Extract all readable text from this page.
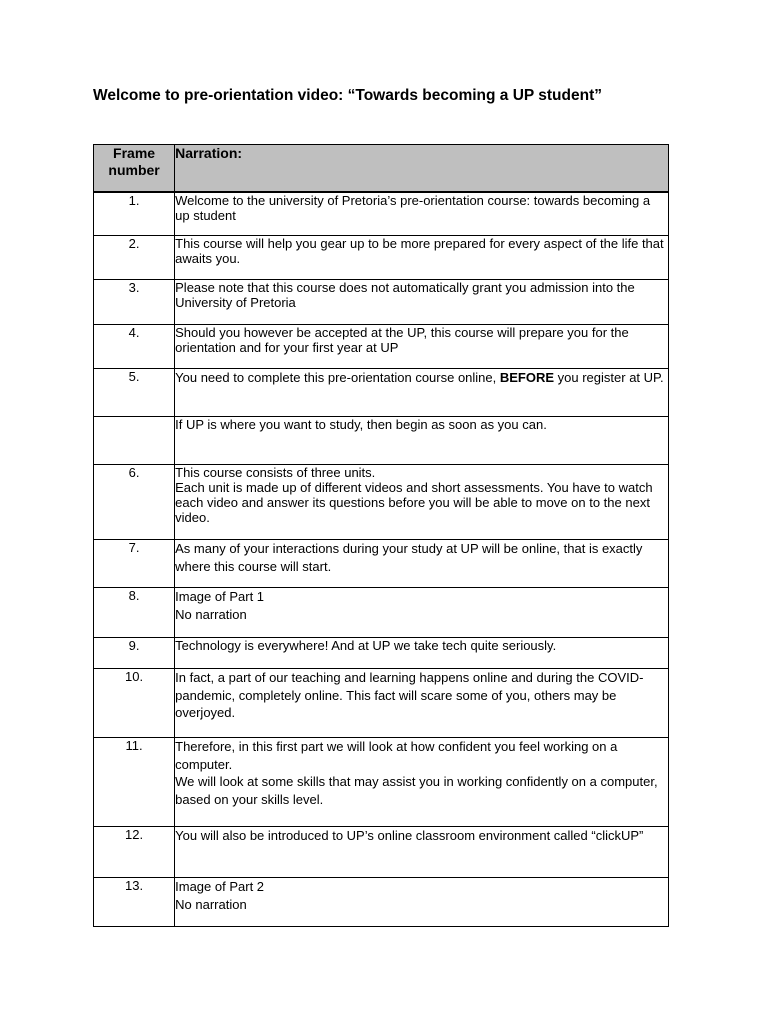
Welcome to pre-orientation video: “Towards becoming a UP student”
Frame number	Narration:
1.	Welcome to the university of Pretoria’s pre-orientation course: towards becoming a up student

2.	This course will help you gear up to be more prepared for every aspect of the life that awaits you.

3.	Please note that this course does not automatically grant you admission into the University of Pretoria

4.	Should you however be accepted at the UP, this course will prepare you for the orientation and for your first year at UP

5.	You need to complete this pre-orientation course online, BEFORE you register at UP.

	If UP is where you want to study, then begin as soon as you can.

6.	This course consists of three units.
Each unit is made up of different videos and short assessments. You have to watch each video and answer its questions before you will be able to move on to the next video.

7.	As many of your interactions during your study at UP will be online, that is exactly where this course will start.

8.	Image of Part 1
No narration

9.	Technology is everywhere! And at UP we take tech quite seriously.

10.	In fact, a part of our teaching and learning happens online and during the COVID-pandemic, completely online. This fact will scare some of you, others may be overjoyed.

11.	Therefore, in this first part we will look at how confident you feel working on a computer.
We will look at some skills that may assist you in working confidently on a computer, based on your skills level.

12.	You will also be introduced to UP’s online classroom environment called “clickUP”

13.	Image of Part 2
No narration
